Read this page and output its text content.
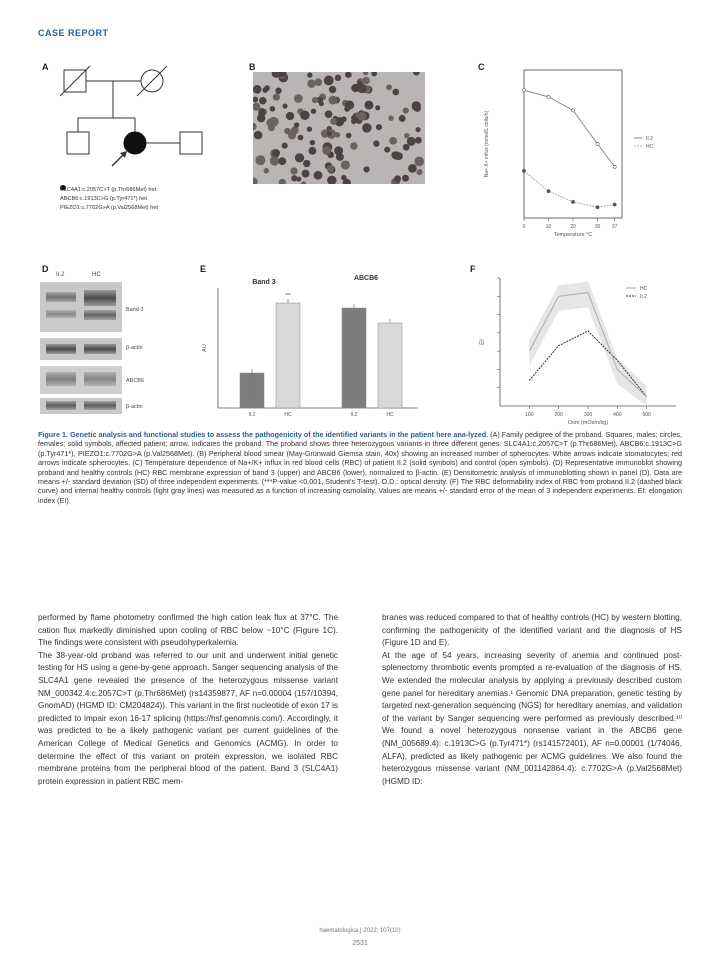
CASE REPORT
A
SLC4A1:c.2057C>T (p.Thr686Met) het
ABCB6:c.1913C>G (p.Tyr471*) het
PIEZO1:c.7702G>A (p.Val2568Met) het
B	C
Na+ K+ influx (mmol/L cells/h)
Temperature °C
0	10	20	30 37
II.2
HC
D
II.2	HC
Band 3
β-actin
ABCB6
β-actin
E
AU
Band 3
ABCB6
II.2	HC	II.2	HC
***
F
EI
Osm (mOsm/kg)
100	200	300	400	500
HC
II.2
Figure 1. Genetic analysis and functional studies to assess the pathogenicity of the identified variants in the patient here ana-lyzed. (A) Family pedigree of the proband. Squares, males; circles, females; solid symbols, affected patient; arrow, indicates the proband. The proband shows three heterozygous variants in three different genes: SLC4A1:c.2057C>T (p.Thr686Met), ABCB6:c.1913C>G (p.Tyr471*), PIEZO1:c.7702G>A (p.Val2568Met). (B) Peripheral blood smear (May-Grünwald Giemsa stain, 40x) showing an increased number of spherocytes. White arrows indicate stomatocytes; red arrows indicate spherocytes. (C) Temperature dependence of Na+/K+ influx in red blood cells (RBC) of patient II.2 (solid symbols) and control (open symbols). (D) Representative immunoblot showing proband and healthy controls (HC) RBC membrane expression of band 3 (upper) and ABCB6 (lower), normalized to β-actin. (E) Densitometric analysis of immunoblotting shown in panel (D). Data are means +/- standard deviation (SD) of three independent experiments. (***P-value <0.001, Student's T-test). O.D.: optical density. (F) The RBC deformability index of RBC from proband II.2 (dashed black curve) and internal healthy controls (light gray lines) was measured as a function of increasing osmolality. Values are means +/- standard error of the mean of 3 independent experiments. EI: elongation index (EI).

performed by flame photometry confirmed the high cation leak flux at 37°C. The cation flux markedly diminished upon cooling of RBC below ~10°C (Figure 1C). The findings were consistent with pseudohyperkalemia.

The 38-year-old proband was referred to our unit and underwent initial genetic testing for HS using a gene-by-gene approach. Sanger sequencing analysis of the SLC4A1 gene revealed the presence of the heterozygous missense variant NM_000342.4:c.2057C>T (p.Thr686Met) (rs14359877, AF n=0.00004 (157/10394, GnomAD) (HGMD ID: CM204824)). This variant in the first nucleotide of exon 17 is predicted to impair exon 16-17 splicing (https://hsf.genomnis.com/). Accordingly, it was predicted to be a likely pathogenic variant per current guidelines of the American College of Medical Genetics and Genomics (ACMG). In order to determine the effect of this variant on protein expression, we isolated RBC membrane proteins from the peripheral blood of the patient. Band 3 (SLC4A1) protein expression in patient RBC mem-

branes was reduced compared to that of healthy controls (HC) by western blotting, confirming the pathogenicity of the identified variant and the diagnosis of HS (Figure 1D and E).

At the age of 54 years, increasing severity of anemia and continued post-splenectomy thrombotic events prompted a re-evaluation of the diagnosis of HS. We extended the molecular analysis by applying a previously described custom gene panel for hereditary anemias.¹ Genomic DNA preparation, genetic testing by targeted next-generation sequencing (NGS) for hereditary anemias, and validation of the variant by Sanger sequencing were performed as previously described.¹⁰ We found a novel heterozygous nonsense variant in the ABCB6 gene (NM_005689.4): c.1913C>G (p.Tyr471*) (rs141572401), AF n=0.00001 (1/74046, ALFA), predicted as likely pathogenic per ACMG guidelines. We also found the heterozygous missense variant (NM_001142864.4): c.7702G>A (p.Val2568Met) (HGMD ID:

haematologica | 2022; 107(10)
2531
